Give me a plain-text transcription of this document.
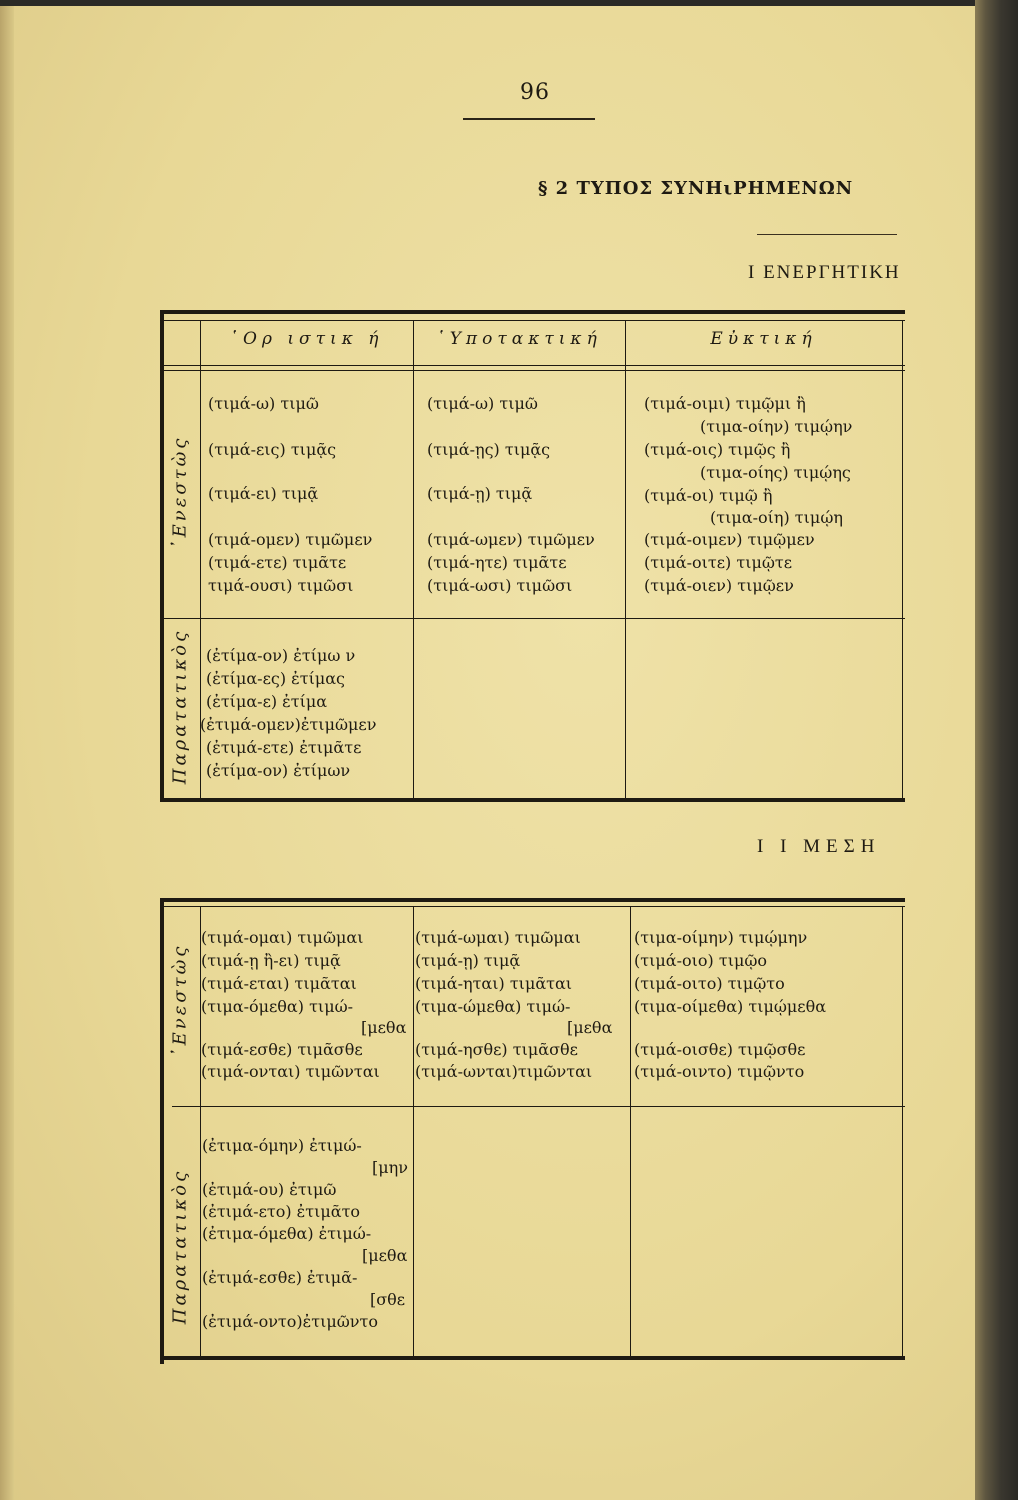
96
§ 2 ΤΥΠΟΣ ΣΥΝΗιΡΗΜΕΝΩΝ
Ι ΕΝΕΡΓΗΤΙΚΗ
῾Ορ ιστικ ή	῾Υποτακτική	Εὐκτική
᾿Ενεστὼς
Παρατατικὸς
(τιμά-ω) τιμῶ
(τιμά-εις) τιμᾷς
(τιμά-ει) τιμᾷ
(τιμά-ομεν) τιμῶμεν
(τιμά-ετε) τιμᾶτε
τιμά-ουσι) τιμῶσι
(τιμά-ω) τιμῶ
(τιμά-ῃς) τιμᾷς
(τιμά-ῃ) τιμᾷ
(τιμά-ωμεν) τιμῶμεν
(τιμά-ητε) τιμᾶτε
(τιμά-ωσι) τιμῶσι
(τιμά-οιμι) τιμῷμι ἢ
(τιμα-οίην) τιμῴην
(τιμά-οις) τιμῷς ἢ
(τιμα-οίης) τιμῴης
(τιμά-οι) τιμῷ ἢ
(τιμα-οίη) τιμῴη
(τιμά-οιμεν) τιμῷμεν
(τιμά-οιτε) τιμῷτε
(τιμά-οιεν) τιμῷεν
(ἐτίμα-ον) ἐτίμω ν
(ἐτίμα-ες) ἐτίμας
(ἐτίμα-ε) ἐτίμα
(ἐτιμά-ομεν)ἐτιμῶμεν
(ἐτιμά-ετε) ἐτιμᾶτε
(ἐτίμα-ον) ἐτίμων
Ι Ι ΜΕΣΗ
᾿Ενεστὼς
Παρατατικὸς
(τιμά-ομαι) τιμῶμαι
(τιμά-ῃ ἢ-ει) τιμᾷ
(τιμά-εται) τιμᾶται
(τιμα-όμεθα) τιμώ-
[μεθα
(τιμά-εσθε) τιμᾶσθε
(τιμά-ονται) τιμῶνται
(τιμά-ωμαι) τιμῶμαι
(τιμά-ῃ) τιμᾷ
(τιμά-ηται) τιμᾶται
(τιμα-ώμεθα) τιμώ-
[μεθα
(τιμά-ησθε) τιμᾶσθε
(τιμά-ωνται)τιμῶνται
(τιμα-οίμην) τιμῴμην
(τιμά-οιο) τιμῷο
(τιμά-οιτο) τιμῷτο
(τιμα-οίμεθα) τιμῴμεθα
(τιμά-οισθε) τιμῷσθε
(τιμά-οιντο) τιμῷντο
(ἐτιμα-όμην) ἐτιμώ-
[μην
(ἐτιμά-ου) ἐτιμῶ
(ἐτιμά-ετο) ἐτιμᾶτο
(ἐτιμα-όμεθα) ἐτιμώ-
[μεθα
(ἐτιμά-εσθε) ἐτιμᾶ-
[σθε
(ἐτιμά-οντο)ἐτιμῶντο
